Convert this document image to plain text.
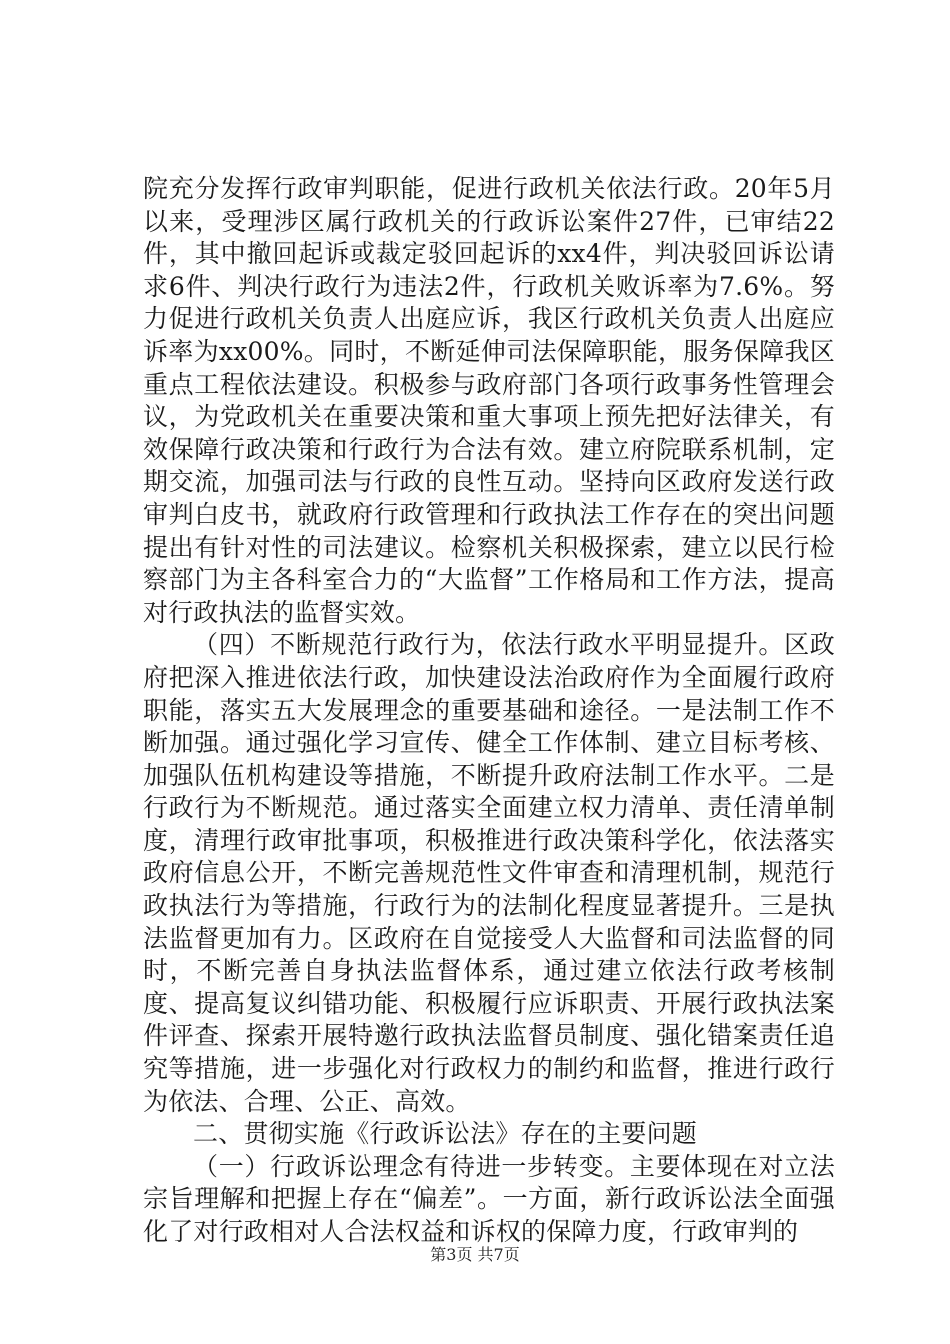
院充分发挥行政审判职能，促进行政机关依法行政。20年5月以来，受理涉区属行政机关的行政诉讼案件27件，已审结22件，其中撤回起诉或裁定驳回起诉的xx4件，判决驳回诉讼请求6件、判决行政行为违法2件，行政机关败诉率为7.6%。努力促进行政机关负责人出庭应诉，我区行政机关负责人出庭应诉率为xx00%。同时，不断延伸司法保障职能，服务保障我区重点工程依法建设。积极参与政府部门各项行政事务性管理会议，为党政机关在重要决策和重大事项上预先把好法律关，有效保障行政决策和行政行为合法有效。建立府院联系机制，定期交流，加强司法与行政的良性互动。坚持向区政府发送行政审判白皮书，就政府行政管理和行政执法工作存在的突出问题提出有针对性的司法建议。检察机关积极探索，建立以民行检察部门为主各科室合力的“大监督”工作格局和工作方法，提高对行政执法的监督实效。

（四）不断规范行政行为，依法行政水平明显提升。区政府把深入推进依法行政，加快建设法治政府作为全面履行政府职能，落实五大发展理念的重要基础和途径。一是法制工作不断加强。通过强化学习宣传、健全工作体制、建立目标考核、加强队伍机构建设等措施，不断提升政府法制工作水平。二是行政行为不断规范。通过落实全面建立权力清单、责任清单制度，清理行政审批事项，积极推进行政决策科学化，依法落实政府信息公开，不断完善规范性文件审查和清理机制，规范行政执法行为等措施，行政行为的法制化程度显著提升。三是执法监督更加有力。区政府在自觉接受人大监督和司法监督的同时，不断完善自身执法监督体系，通过建立依法行政考核制度、提高复议纠错功能、积极履行应诉职责、开展行政执法案件评查、探索开展特邀行政执法监督员制度、强化错案责任追究等措施，进一步强化对行政权力的制约和监督，推进行政行为依法、合理、公正、高效。

二、贯彻实施《行政诉讼法》存在的主要问题

（一）行政诉讼理念有待进一步转变。主要体现在对立法宗旨理解和把握上存在“偏差”。一方面，新行政诉讼法全面强化了对行政相对人合法权益和诉权的保障力度，行政审判的

第3页 共7页
